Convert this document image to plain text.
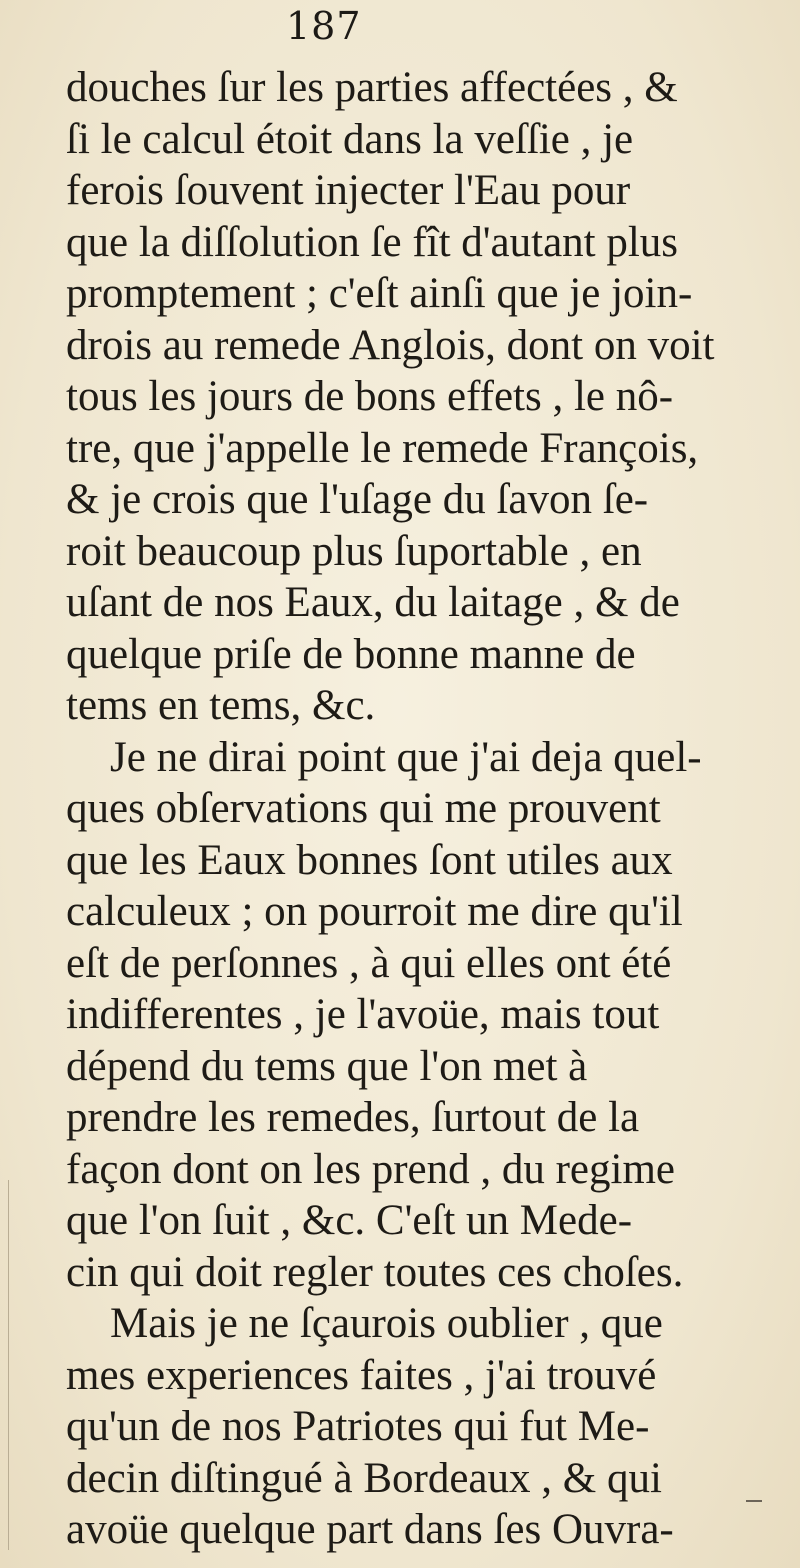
187
douches ſur les parties affectées , &
ſi le calcul étoit dans la veſſie , je
ferois ſouvent injecter l'Eau pour
que la diſſolution ſe fît d'autant plus
promptement ; c'eſt ainſi que je join-
drois au remede Anglois, dont on voit
tous les jours de bons effets , le nô-
tre, que j'appelle le remede François,
& je crois que l'uſage du ſavon ſe-
roit beaucoup plus ſuportable , en
uſant de nos Eaux, du laitage , & de
quelque priſe de bonne manne de
tems en tems, &c.
Je ne dirai point que j'ai deja quel-
ques obſervations qui me prouvent
que les Eaux bonnes ſont utiles aux
calculeux ; on pourroit me dire qu'il
eſt de perſonnes , à qui elles ont été
indifferentes , je l'avoüe, mais tout
dépend du tems que l'on met à
prendre les remedes, ſurtout de la
façon dont on les prend , du regime
que l'on ſuit , &c. C'eſt un Mede-
cin qui doit regler toutes ces choſes.
Mais je ne ſçaurois oublier , que
mes experiences faites , j'ai trouvé
qu'un de nos Patriotes qui fut Me-
decin diſtingué à Bordeaux , & qui
avoüe quelque part dans ſes Ouvra-
